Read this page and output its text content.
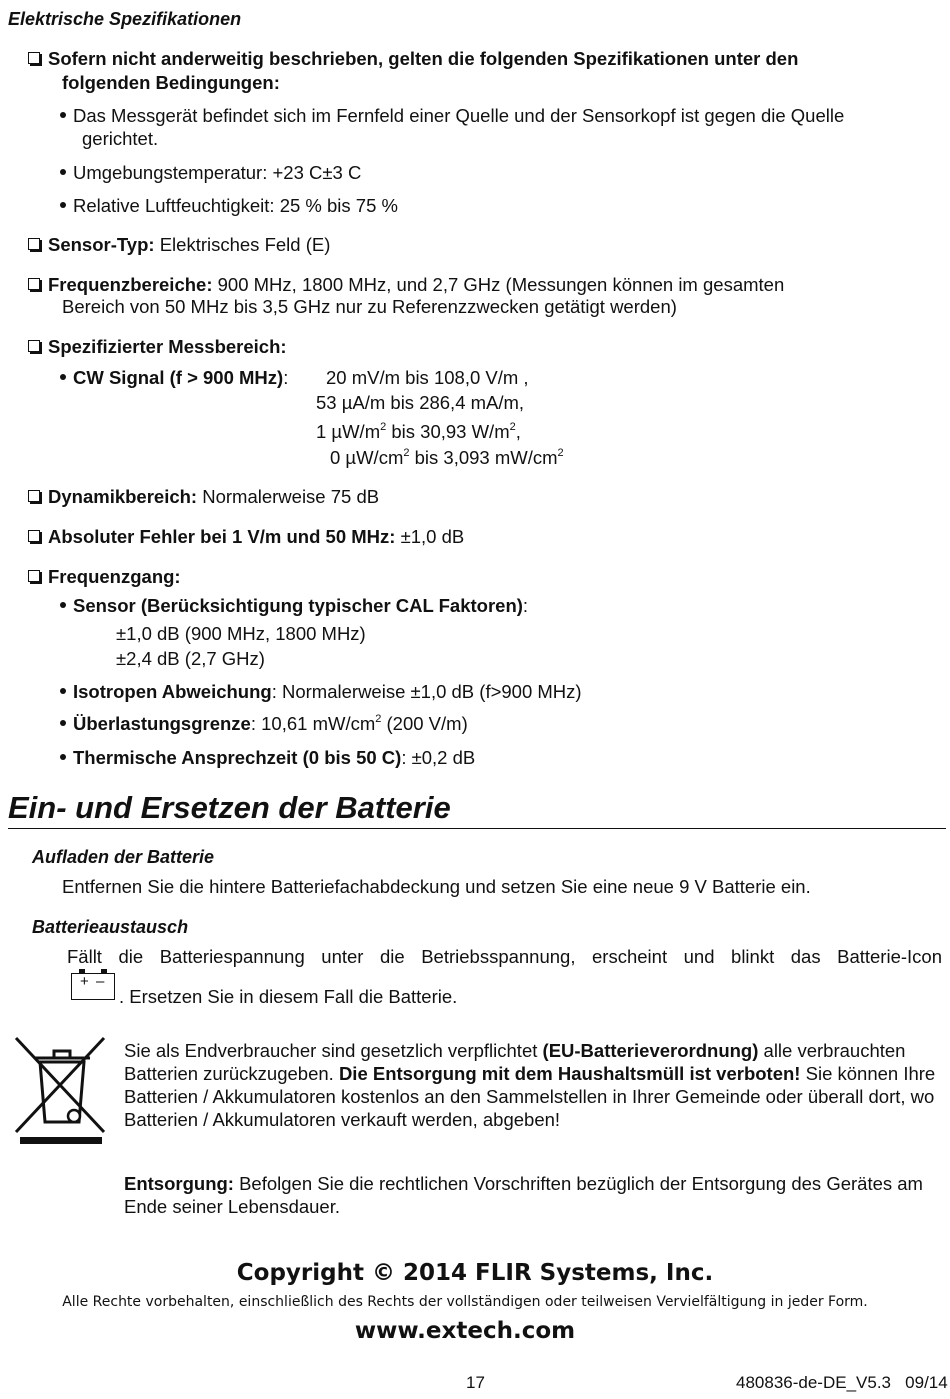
Elektrische Spezifikationen
Sofern nicht anderweitig beschrieben, gelten die folgenden Spezifikationen unter den
folgenden Bedingungen:
Das Messgerät befindet sich im Fernfeld einer Quelle und der Sensorkopf ist gegen die Quelle
gerichtet.
Umgebungstemperatur: +23 C±3 C
Relative Luftfeuchtigkeit: 25 % bis 75 %
Sensor-Typ: Elektrisches Feld (E)
Frequenzbereiche: 900 MHz, 1800 MHz, und 2,7 GHz (Messungen können im gesamten
Bereich von 50 MHz bis 3,5 GHz nur zu Referenzzwecken getätigt werden)
Spezifizierter Messbereich:
CW Signal (f > 900 MHz): 20 mV/m bis 108,0 V/m ,
53 µA/m bis 286,4 mA/m,
1 $\mu W/m^2$ bis 30,93 $W/m^2$,
0 $\mu W/cm^2$ bis 3,093 $mW/cm^2$
Dynamikbereich: Normalerweise 75 dB
Absoluter Fehler bei 1 V/m und 50 MHz: ±1,0 dB
Frequenzgang:
Sensor (Berücksichtigung typischer CAL Faktoren):
±1,0 dB (900 MHz, 1800 MHz)
±2,4 dB (2,7 GHz)
Isotropen Abweichung: Normalerweise ±1,0 dB (f>900 MHz)
Überlastungsgrenze: 10,61 $mW/cm^2$ (200 V/m)
Thermische Ansprechzeit (0 bis 50 C): ±0,2 dB
Ein- und Ersetzen der Batterie
Aufladen der Batterie
Entfernen Sie die hintere Batteriefachabdeckung und setzen Sie eine neue 9 V Batterie ein.
Batterieaustausch
Fällt die Batteriespannung unter die Betriebsspannung, erscheint und blinkt das Batterie-Icon
+ –
. Ersetzen Sie in diesem Fall die Batterie.
Sie als Endverbraucher sind gesetzlich verpflichtet (EU-Batterieverordnung) alle verbrauchten Batterien zurückzugeben. Die Entsorgung mit dem Haushaltsmüll ist verboten! Sie können Ihre Batterien / Akkumulatoren kostenlos an den Sammelstellen in Ihrer Gemeinde oder überall dort, wo Batterien / Akkumulatoren verkauft werden, abgeben!
Entsorgung: Befolgen Sie die rechtlichen Vorschriften bezüglich der Entsorgung des Gerätes am Ende seiner Lebensdauer.
Copyright © 2014 FLIR Systems, Inc.
Alle Rechte vorbehalten, einschließlich des Rechts der vollständigen oder teilweisen Vervielfältigung in jeder Form.
www.extech.com
17	480836-de-DE_V5.3   09/14
